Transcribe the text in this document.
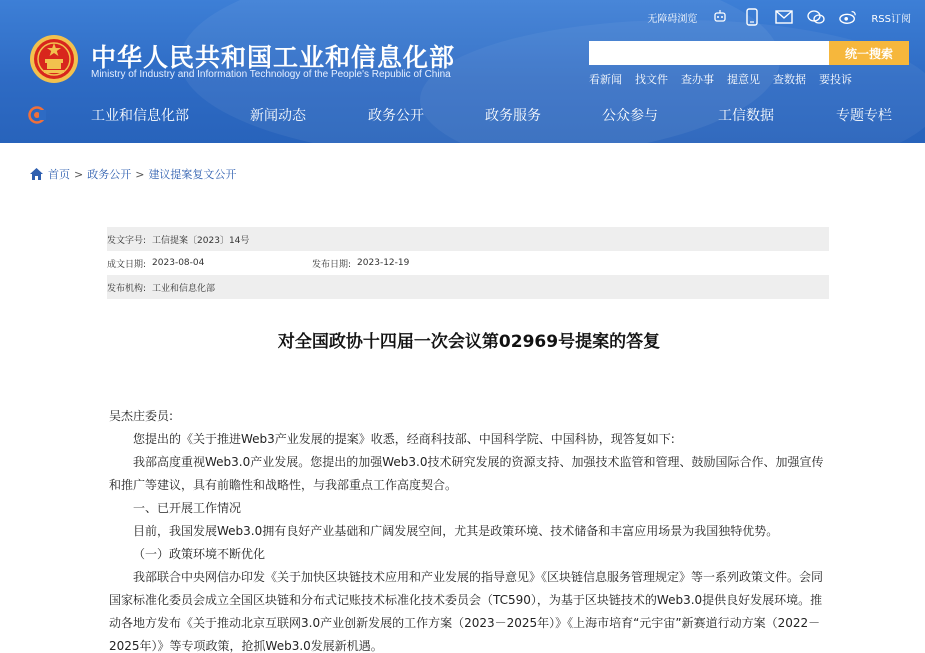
中华人民共和国工业和信息化部
Ministry of Industry and Information Technology of the People's Republic of China
无障碍浏览	RSS订阅
统一搜索
看新闻 找文件 查办事 提意见 查数据 要投诉
工业和信息化部	新闻动态	政务公开	政务服务	公众参与	工信数据	专题专栏
首页 > 政务公开 > 建议提案复文公开
发文字号: 工信提案〔2023〕14号
成文日期: 2023-08-04	发布日期: 2023-12-19
发布机构: 工业和信息化部
对全国政协十四届一次会议第02969号提案的答复

吴杰庄委员:

您提出的《关于推进Web3产业发展的提案》收悉，经商科技部、中国科学院、中国科协，现答复如下:

我部高度重视Web3.0产业发展。您提出的加强Web3.0技术研究发展的资源支持、加强技术监管和管理、鼓励国际合作、加强宣传和推广等建议，具有前瞻性和战略性，与我部重点工作高度契合。

一、已开展工作情况

目前，我国发展Web3.0拥有良好产业基础和广阔发展空间，尤其是政策环境、技术储备和丰富应用场景为我国独特优势。

（一）政策环境不断优化

我部联合中央网信办印发《关于加快区块链技术应用和产业发展的指导意见》《区块链信息服务管理规定》等一系列政策文件。会同国家标准化委员会成立全国区块链和分布式记账技术标准化技术委员会（TC590），为基于区块链技术的Web3.0提供良好发展环境。推动各地方发布《关于推动北京互联网3.0产业创新发展的工作方案（2023－2025年）》《上海市培育“元宇宙”新赛道行动方案（2022－2025年）》等专项政策，抢抓Web3.0发展新机遇。
